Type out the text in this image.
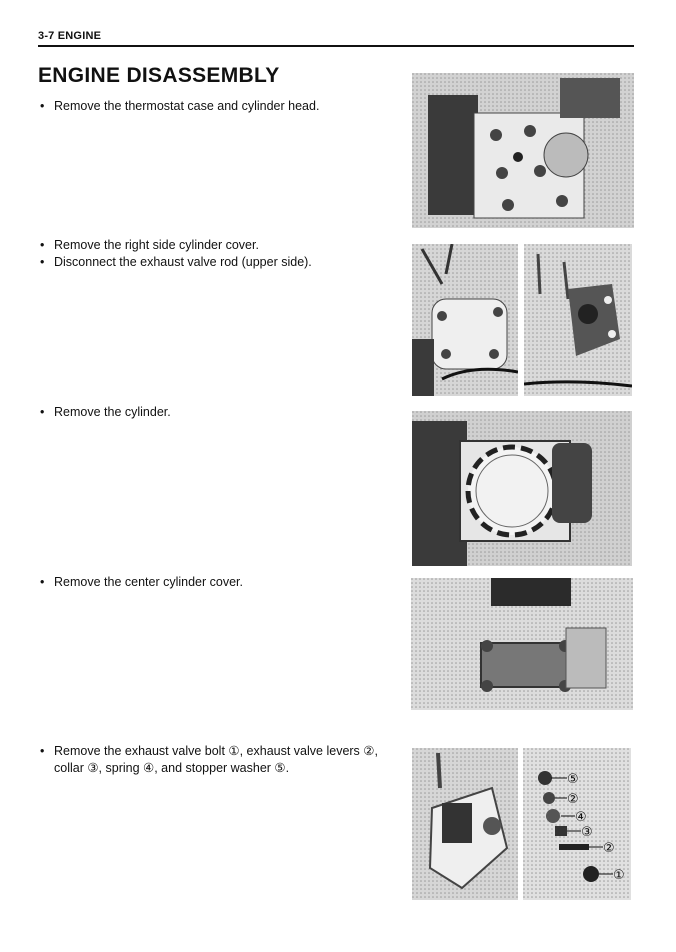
3-7 ENGINE
ENGINE DISASSEMBLY
• Remove the thermostat case and cylinder head.
• Remove the right side cylinder cover.
• Disconnect the exhaust valve rod (upper side).
• Remove the cylinder.
• Remove the center cylinder cover.
• Remove the exhaust valve bolt ①, exhaust valve levers ②,
collar ③, spring ④, and stopper washer ⑤.
⑤
②
④
③
②
①
